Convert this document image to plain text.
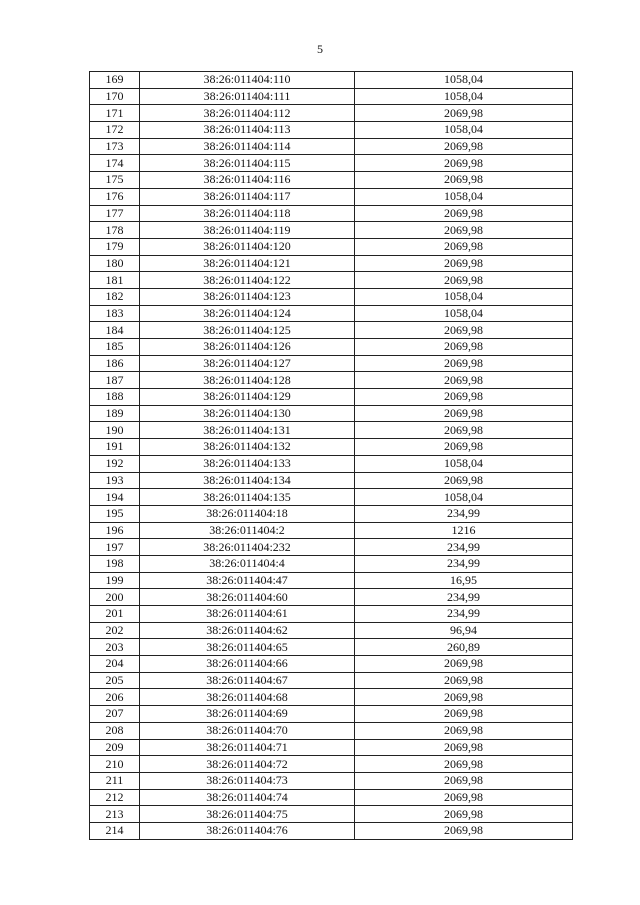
5
169	38:26:011404:110	1058,04
170	38:26:011404:111	1058,04
171	38:26:011404:112	2069,98
172	38:26:011404:113	1058,04
173	38:26:011404:114	2069,98
174	38:26:011404:115	2069,98
175	38:26:011404:116	2069,98
176	38:26:011404:117	1058,04
177	38:26:011404:118	2069,98
178	38:26:011404:119	2069,98
179	38:26:011404:120	2069,98
180	38:26:011404:121	2069,98
181	38:26:011404:122	2069,98
182	38:26:011404:123	1058,04
183	38:26:011404:124	1058,04
184	38:26:011404:125	2069,98
185	38:26:011404:126	2069,98
186	38:26:011404:127	2069,98
187	38:26:011404:128	2069,98
188	38:26:011404:129	2069,98
189	38:26:011404:130	2069,98
190	38:26:011404:131	2069,98
191	38:26:011404:132	2069,98
192	38:26:011404:133	1058,04
193	38:26:011404:134	2069,98
194	38:26:011404:135	1058,04
195	38:26:011404:18	234,99
196	38:26:011404:2	1216
197	38:26:011404:232	234,99
198	38:26:011404:4	234,99
199	38:26:011404:47	16,95
200	38:26:011404:60	234,99
201	38:26:011404:61	234,99
202	38:26:011404:62	96,94
203	38:26:011404:65	260,89
204	38:26:011404:66	2069,98
205	38:26:011404:67	2069,98
206	38:26:011404:68	2069,98
207	38:26:011404:69	2069,98
208	38:26:011404:70	2069,98
209	38:26:011404:71	2069,98
210	38:26:011404:72	2069,98
211	38:26:011404:73	2069,98
212	38:26:011404:74	2069,98
213	38:26:011404:75	2069,98
214	38:26:011404:76	2069,98
